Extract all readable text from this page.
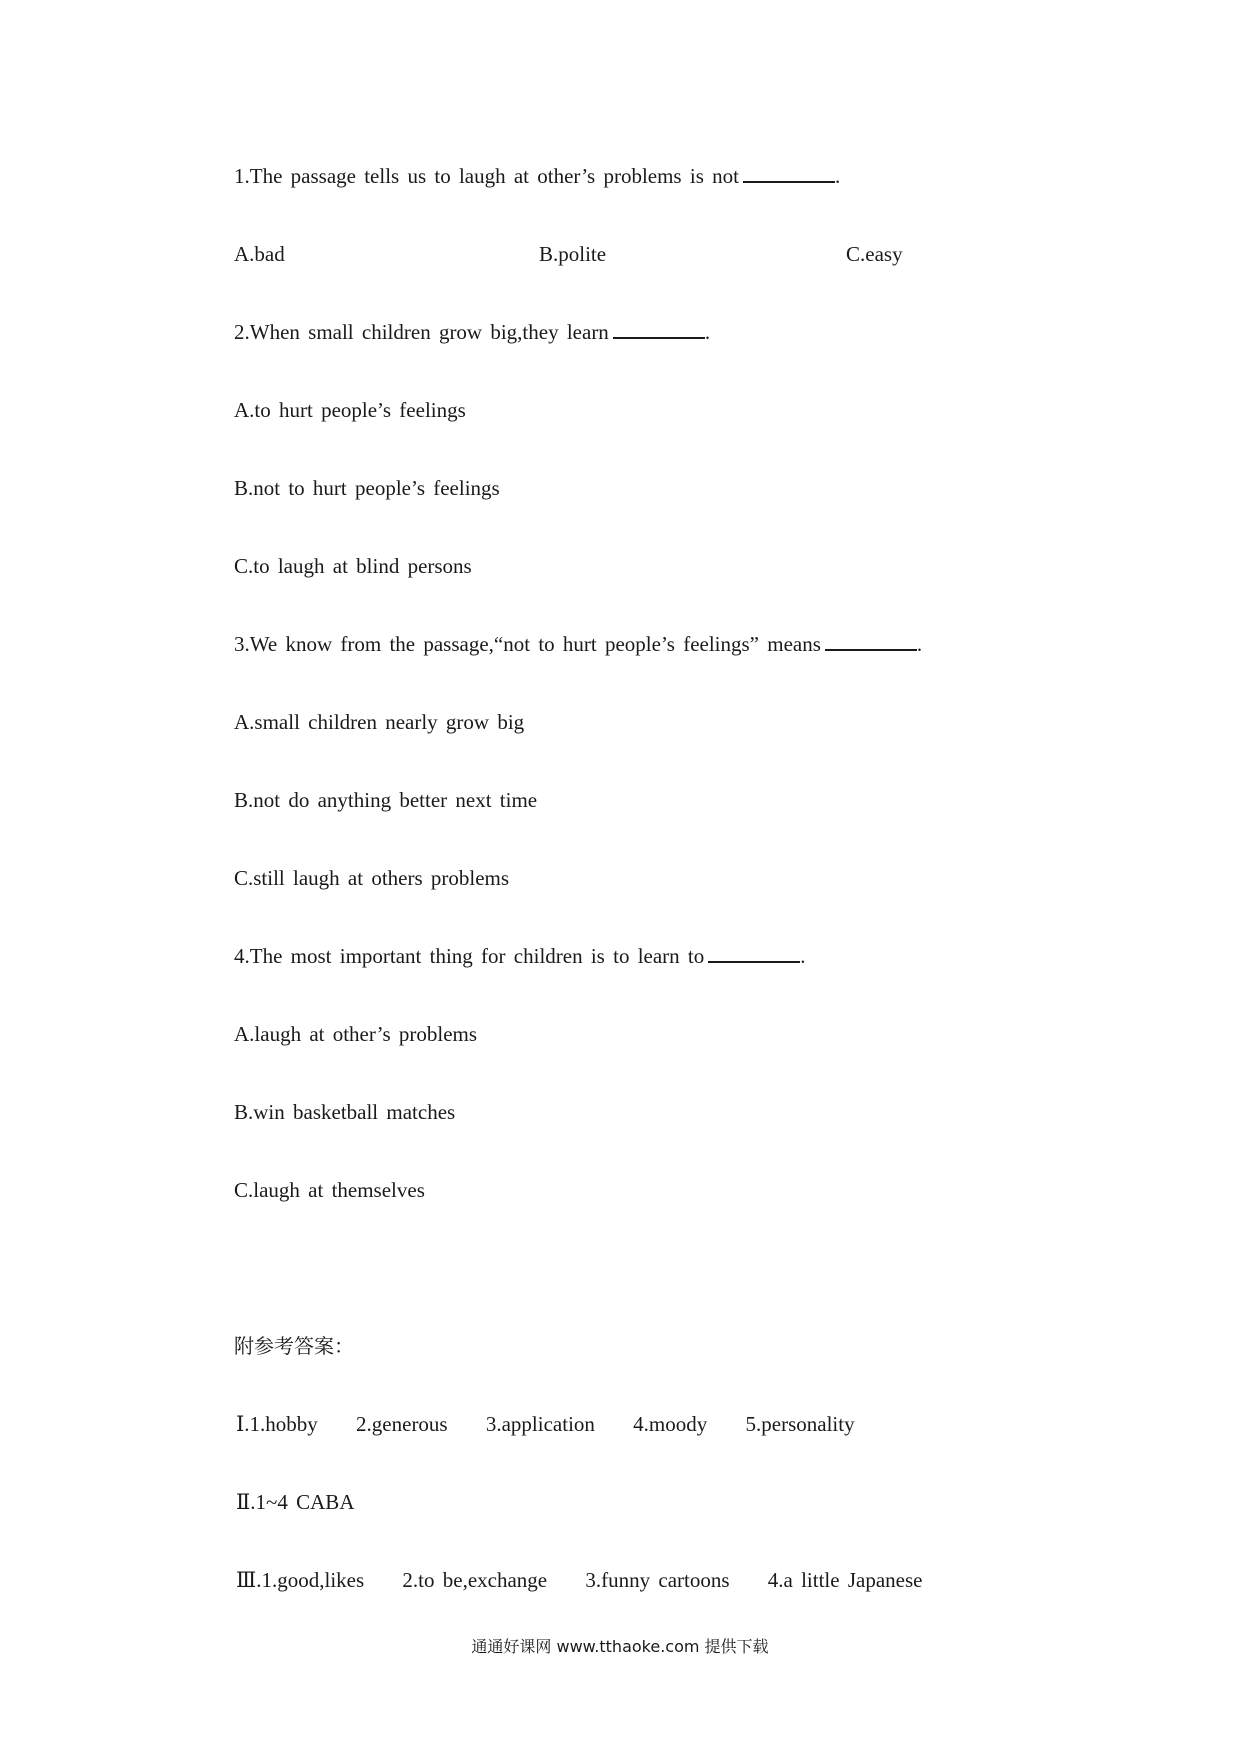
1.The passage tells us to laugh at other’s problems is not	.
A.bad	B.polite	C.easy
2.When small children grow big,they learn	.
A.to hurt people’s feelings
B.not to hurt people’s feelings
C.to laugh at blind persons
3.We know from the passage,“not to hurt people’s feelings” means	.
A.small children nearly grow big
B.not do anything better next time
C.still laugh at others problems
4.The most important thing for children is to learn to	.
A.laugh at other’s problems
B.win basketball matches
C.laugh at themselves
附参考答案：
Ⅰ.1.hobby 2.generous 3.application 4.moody 5.personality
Ⅱ.1~4 CABA
Ⅲ.1.good,likes 2.to be,exchange 3.funny cartoons 4.a little Japanese
通通好课网 www.tthaoke.com 提供下载
